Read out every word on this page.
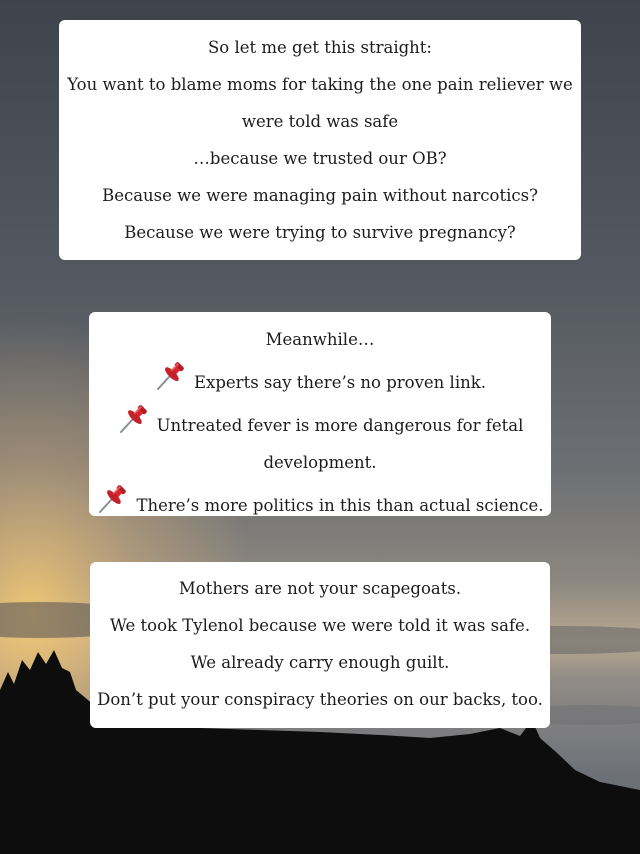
So let me get this straight:
You want to blame moms for taking the one pain reliever we
were told was safe
…because we trusted our OB?
Because we were managing pain without narcotics?
Because we were trying to survive pregnancy?
Meanwhile…
Experts say there’s no proven link.
Untreated fever is more dangerous for fetal
development.
There’s more politics in this than actual science.
Mothers are not your scapegoats.
We took Tylenol because we were told it was safe.
We already carry enough guilt.
Don’t put your conspiracy theories on our backs, too.
